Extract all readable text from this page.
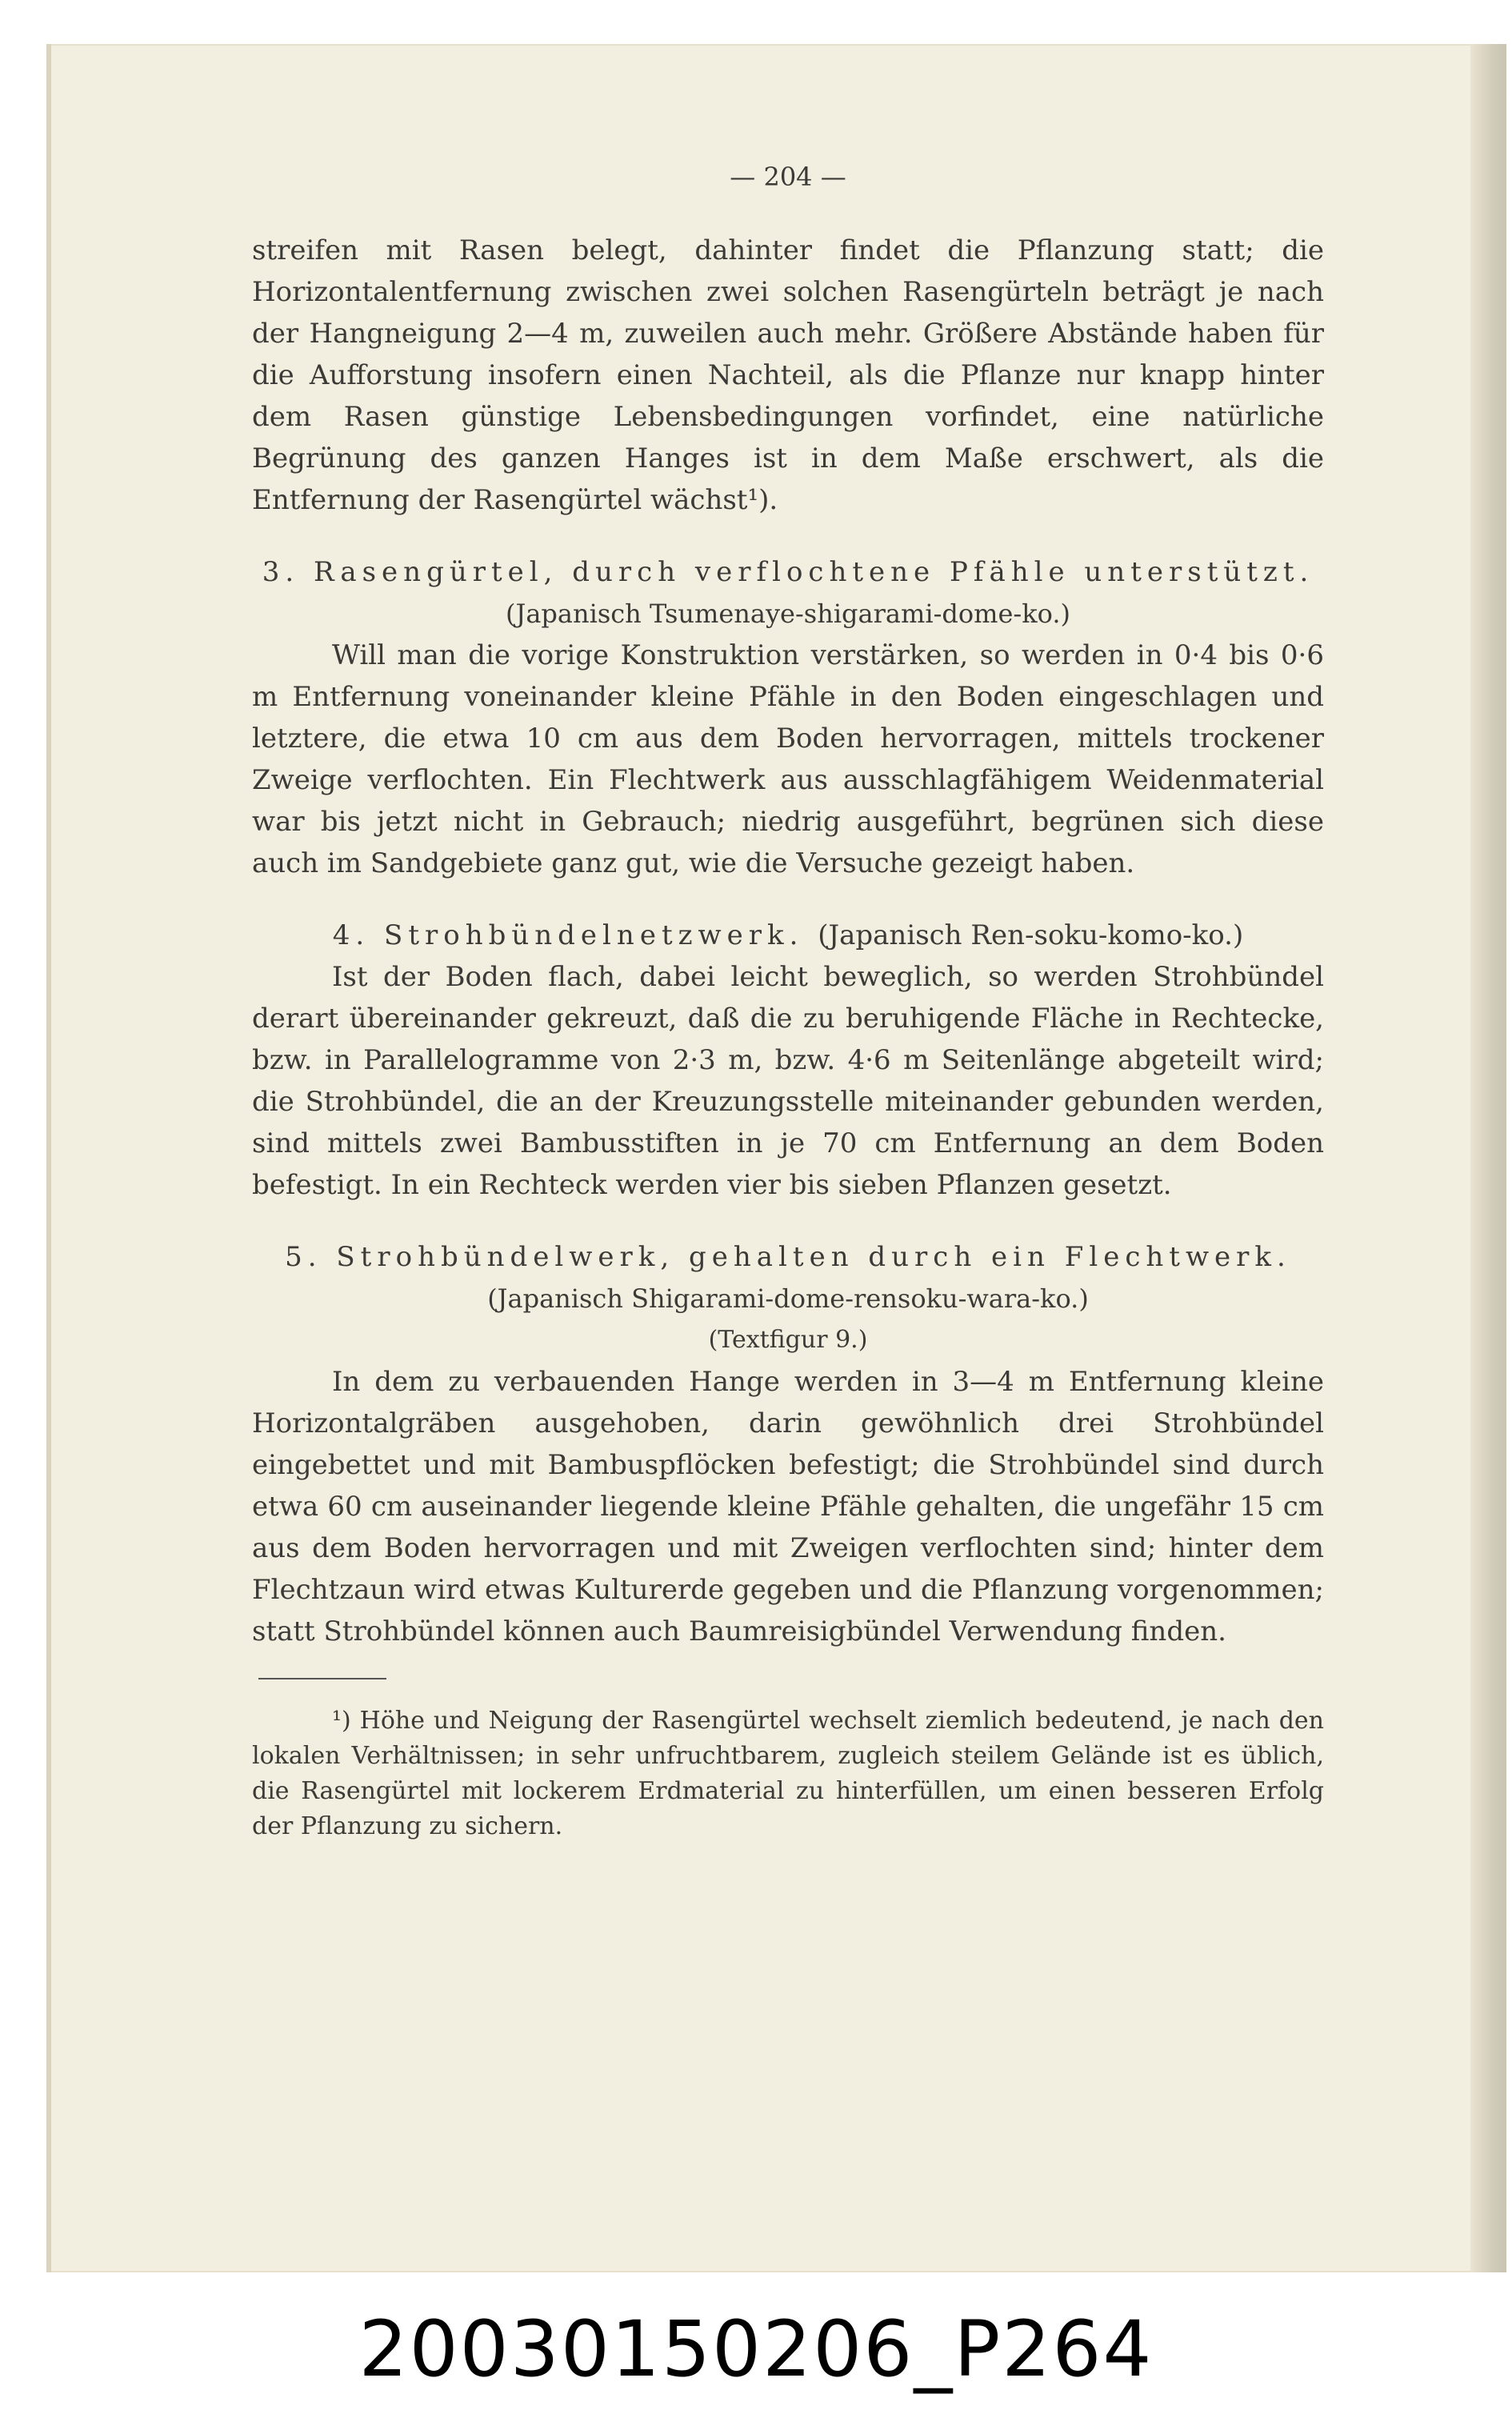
— 204 —

streifen mit Rasen belegt, dahinter findet die Pflanzung statt; die Horizontalentfernung zwischen zwei solchen Rasengürteln beträgt je nach der Hangneigung 2—4 m, zuweilen auch mehr. Größere Abstände haben für die Aufforstung insofern einen Nachteil, als die Pflanze nur knapp hinter dem Rasen günstige Lebensbedingungen vorfindet, eine natürliche Begrünung des ganzen Hanges ist in dem Maße erschwert, als die Entfernung der Rasengürtel wächst¹).

3. Rasengürtel, durch verflochtene Pfähle unterstützt.
(Japanisch Tsumenaye-shigarami-dome-ko.)

Will man die vorige Konstruktion verstärken, so werden in 0·4 bis 0·6 m Entfernung voneinander kleine Pfähle in den Boden eingeschlagen und letztere, die etwa 10 cm aus dem Boden hervorragen, mittels trockener Zweige verflochten. Ein Flechtwerk aus ausschlagfähigem Weidenmaterial war bis jetzt nicht in Gebrauch; niedrig ausgeführt, begrünen sich diese auch im Sandgebiete ganz gut, wie die Versuche gezeigt haben.

4. Strohbündelnetzwerk. (Japanisch Ren-soku-komo-ko.)

Ist der Boden flach, dabei leicht beweglich, so werden Strohbündel derart übereinander gekreuzt, daß die zu beruhigende Fläche in Rechtecke, bzw. in Parallelogramme von 2·3 m, bzw. 4·6 m Seitenlänge abgeteilt wird; die Strohbündel, die an der Kreuzungsstelle miteinander gebunden werden, sind mittels zwei Bambusstiften in je 70 cm Entfernung an dem Boden befestigt. In ein Rechteck werden vier bis sieben Pflanzen gesetzt.

5. Strohbündelwerk, gehalten durch ein Flechtwerk.
(Japanisch Shigarami-dome-rensoku-wara-ko.)
(Textfigur 9.)

In dem zu verbauenden Hange werden in 3—4 m Entfernung kleine Horizontalgräben ausgehoben, darin gewöhnlich drei Strohbündel eingebettet und mit Bambuspflöcken befestigt; die Strohbündel sind durch etwa 60 cm auseinander liegende kleine Pfähle gehalten, die ungefähr 15 cm aus dem Boden hervorragen und mit Zweigen verflochten sind; hinter dem Flechtzaun wird etwas Kulturerde gegeben und die Pflanzung vorgenommen; statt Strohbündel können auch Baumreisigbündel Verwendung finden.

¹) Höhe und Neigung der Rasengürtel wechselt ziemlich bedeutend, je nach den lokalen Verhältnissen; in sehr unfruchtbarem, zugleich steilem Gelände ist es üblich, die Rasengürtel mit lockerem Erdmaterial zu hinterfüllen, um einen besseren Erfolg der Pflanzung zu sichern.

20030150206_P264
